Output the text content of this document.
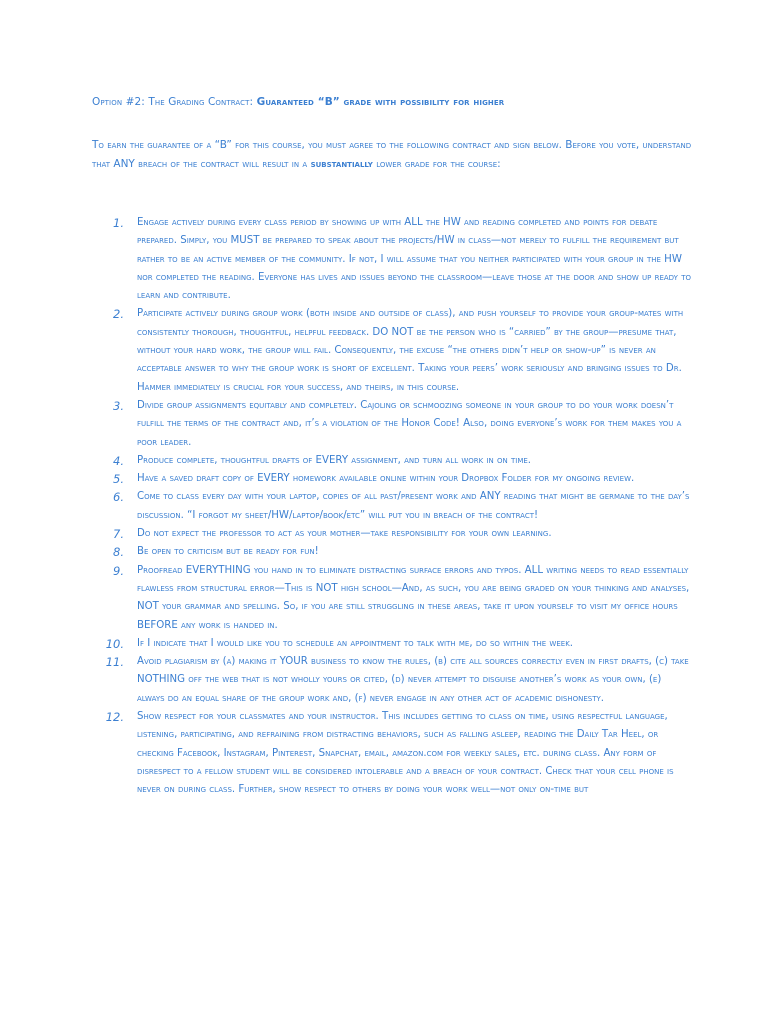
Option #2: The Grading Contract: Guaranteed “B” grade with possibility for higher
To earn the guarantee of a “B” for this course, you must agree to the following contract and sign below. Before you vote, understand that ANY breach of the contract will result in a substantially lower grade for the course:
1. Engage actively during every class period by showing up with ALL the HW and reading completed and points for debate prepared. Simply, you MUST be prepared to speak about the projects/HW in class—not merely to fulfill the requirement but rather to be an active member of the community. If not, I will assume that you neither participated with your group in the HW nor completed the reading. Everyone has lives and issues beyond the classroom—leave those at the door and show up ready to learn and contribute.
2. Participate actively during group work (both inside and outside of class), and push yourself to provide your group-mates with consistently thorough, thoughtful, helpful feedback. DO NOT be the person who is “carried” by the group—presume that, without your hard work, the group will fail. Consequently, the excuse “the others didn’t help or show-up” is never an acceptable answer to why the group work is short of excellent. Taking your peers’ work seriously and bringing issues to Dr. Hammer immediately is crucial for your success, and theirs, in this course.
3. Divide group assignments equitably and completely. Cajoling or schmoozing someone in your group to do your work doesn’t fulfill the terms of the contract and, it’s a violation of the Honor Code! Also, doing everyone’s work for them makes you a poor leader.
4. Produce complete, thoughtful drafts of EVERY assignment, and turn all work in on time.
5. Have a saved draft copy of EVERY homework available online within your Dropbox Folder for my ongoing review.
6. Come to class every day with your laptop, copies of all past/present work and ANY reading that might be germane to the day’s discussion. “I forgot my sheet/HW/laptop/book/etc” will put you in breach of the contract!
7. Do not expect the professor to act as your mother—take responsibility for your own learning.
8. Be open to criticism but be ready for fun!
9. Proofread EVERYTHING you hand in to eliminate distracting surface errors and typos. ALL writing needs to read essentially flawless from structural error—This is NOT high school—And, as such, you are being graded on your thinking and analyses, NOT your grammar and spelling. So, if you are still struggling in these areas, take it upon yourself to visit my office hours BEFORE any work is handed in.
10. If I indicate that I would like you to schedule an appointment to talk with me, do so within the week.
11. Avoid plagiarism by (a) making it YOUR business to know the rules, (b) cite all sources correctly even in first drafts, (c) take NOTHING off the web that is not wholly yours or cited, (d) never attempt to disguise another’s work as your own, (e) always do an equal share of the group work and, (f) never engage in any other act of academic dishonesty.
12. Show respect for your classmates and your instructor. This includes getting to class on time, using respectful language, listening, participating, and refraining from distracting behaviors, such as falling asleep, reading the Daily Tar Heel, or checking Facebook, Instagram, Pinterest, Snapchat, email, amazon.com for weekly sales, etc. during class. Any form of disrespect to a fellow student will be considered intolerable and a breach of your contract. Check that your cell phone is never on during class. Further, show respect to others by doing your work well—not only on-time but
